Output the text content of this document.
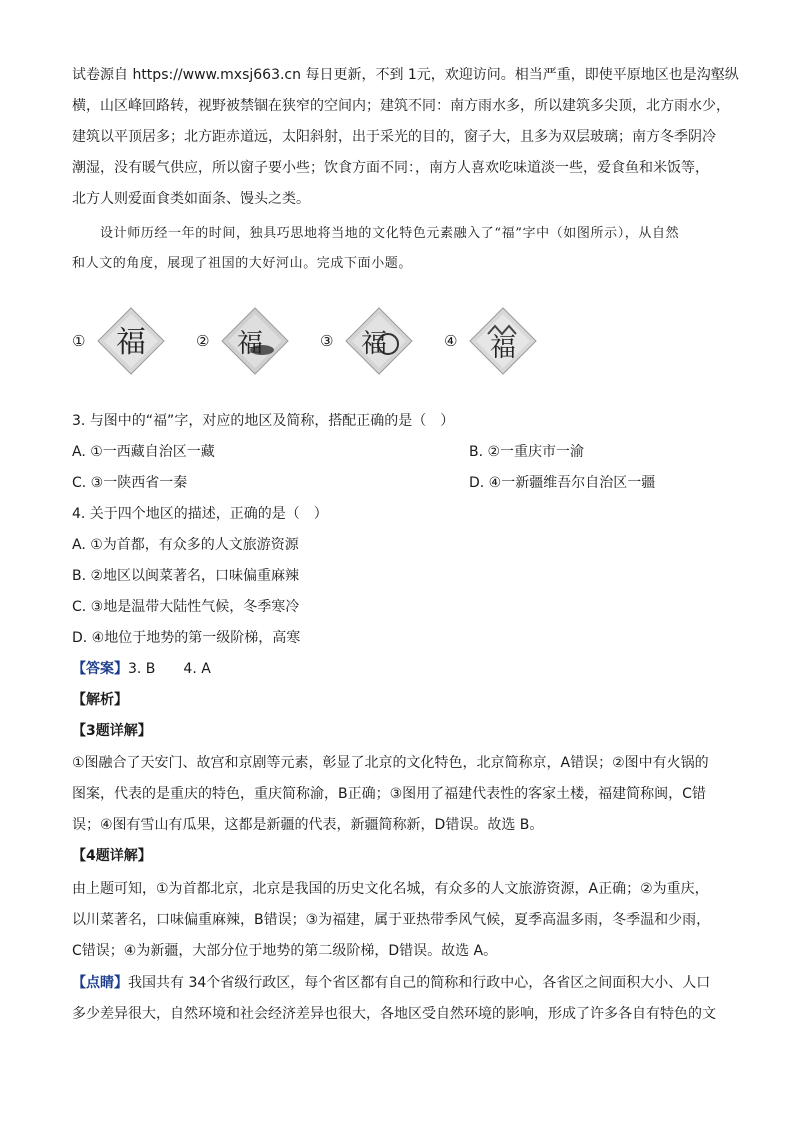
试卷源自 https://www.mxsj663.cn 每日更新，不到 1元，欢迎访问。相当严重，即使平原地区也是沟壑纵
横，山区峰回路转，视野被禁锢在狭窄的空间内；建筑不同：南方雨水多，所以建筑多尖顶，北方雨水少，
建筑以平顶居多；北方距赤道远，太阳斜射，出于采光的目的，窗子大，且多为双层玻璃；南方冬季阴冷
潮湿，没有暖气供应，所以窗子要小些；饮食方面不同：，南方人喜欢吃味道淡一些，爱食鱼和米饭等，
北方人则爱面食类如面条、馒头之类。
设计师历经一年的时间，独具巧思地将当地的文化特色元素融入了“福”字中（如图所示），从自然
和人文的角度，展现了祖国的大好河山。完成下面小题。
① 福	② 福	③ 福	④ 福
3. 与图中的“福”字，对应的地区及简称，搭配正确的是（　）
A. ①一西藏自治区一藏	B. ②一重庆市一渝
C. ③一陕西省一秦	D. ④一新疆维吾尔自治区一疆
4. 关于四个地区的描述，正确的是（　）
A. ①为首都，有众多的人文旅游资源
B. ②地区以闽菜著名，口味偏重麻辣
C. ③地是温带大陆性气候，冬季寒冷
D. ④地位于地势的第一级阶梯，高寒
【答案】3. B　　4. A
【解析】
【3题详解】
①图融合了天安门、故宫和京剧等元素，彰显了北京的文化特色，北京简称京，A错误；②图中有火锅的
图案，代表的是重庆的特色，重庆简称渝，B正确；③图用了福建代表性的客家土楼，福建简称闽，C错
误；④图有雪山有瓜果，这都是新疆的代表，新疆简称新，D错误。故选 B。
【4题详解】
由上题可知，①为首都北京，北京是我国的历史文化名城，有众多的人文旅游资源，A正确；②为重庆，
以川菜著名，口味偏重麻辣，B错误；③为福建，属于亚热带季风气候，夏季高温多雨，冬季温和少雨，
C错误；④为新疆，大部分位于地势的第二级阶梯，D错误。故选 A。
【点睛】我国共有 34个省级行政区，每个省区都有自己的简称和行政中心，各省区之间面积大小、人口
多少差异很大，自然环境和社会经济差异也很大，各地区受自然环境的影响，形成了许多各自有特色的文
